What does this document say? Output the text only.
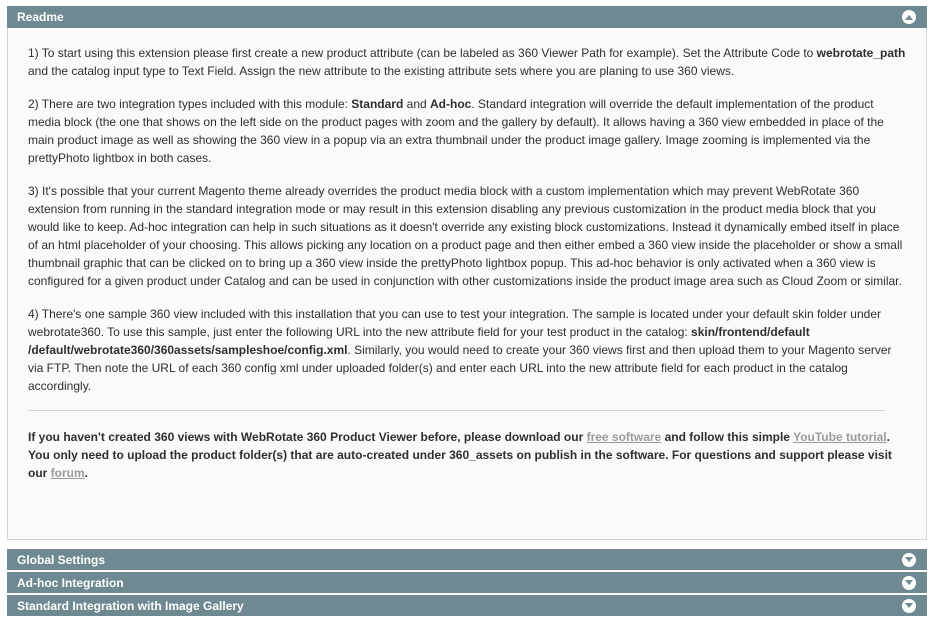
Readme

1) To start using this extension please first create a new product attribute (can be labeled as 360 Viewer Path for example). Set the Attribute Code to webrotate_path and the catalog input type to Text Field. Assign the new attribute to the existing attribute sets where you are planing to use 360 views.

2) There are two integration types included with this module: Standard and Ad-hoc. Standard integration will override the default implementation of the product media block (the one that shows on the left side on the product pages with zoom and the gallery by default). It allows having a 360 view embedded in place of the main product image as well as showing the 360 view in a popup via an extra thumbnail under the product image gallery. Image zooming is implemented via the prettyPhoto lightbox in both cases.

3) It's possible that your current Magento theme already overrides the product media block with a custom implementation which may prevent WebRotate 360 extension from running in the standard integration mode or may result in this extension disabling any previous customization in the product media block that you would like to keep. Ad-hoc integration can help in such situations as it doesn't override any existing block customizations. Instead it dynamically embed itself in place of an html placeholder of your choosing. This allows picking any location on a product page and then either embed a 360 view inside the placeholder or show a small thumbnail graphic that can be clicked on to bring up a 360 view inside the prettyPhoto lightbox popup. This ad-hoc behavior is only activated when a 360 view is configured for a given product under Catalog and can be used in conjunction with other customizations inside the product image area such as Cloud Zoom or similar.

4) There's one sample 360 view included with this installation that you can use to test your integration. The sample is located under your default skin folder under webrotate360. To use this sample, just enter the following URL into the new attribute field for your test product in the catalog: skin/frontend/default /default/webrotate360/360assets/sampleshoe/config.xml. Similarly, you would need to create your 360 views first and then upload them to your Magento server via FTP. Then note the URL of each 360 config xml under uploaded folder(s) and enter each URL into the new attribute field for each product in the catalog accordingly.

If you haven't created 360 views with WebRotate 360 Product Viewer before, please download our free software and follow this simple YouTube tutorial. You only need to upload the product folder(s) that are auto-created under 360_assets on publish in the software. For questions and support please visit our forum.

Global Settings
Ad-hoc Integration
Standard Integration with Image Gallery
